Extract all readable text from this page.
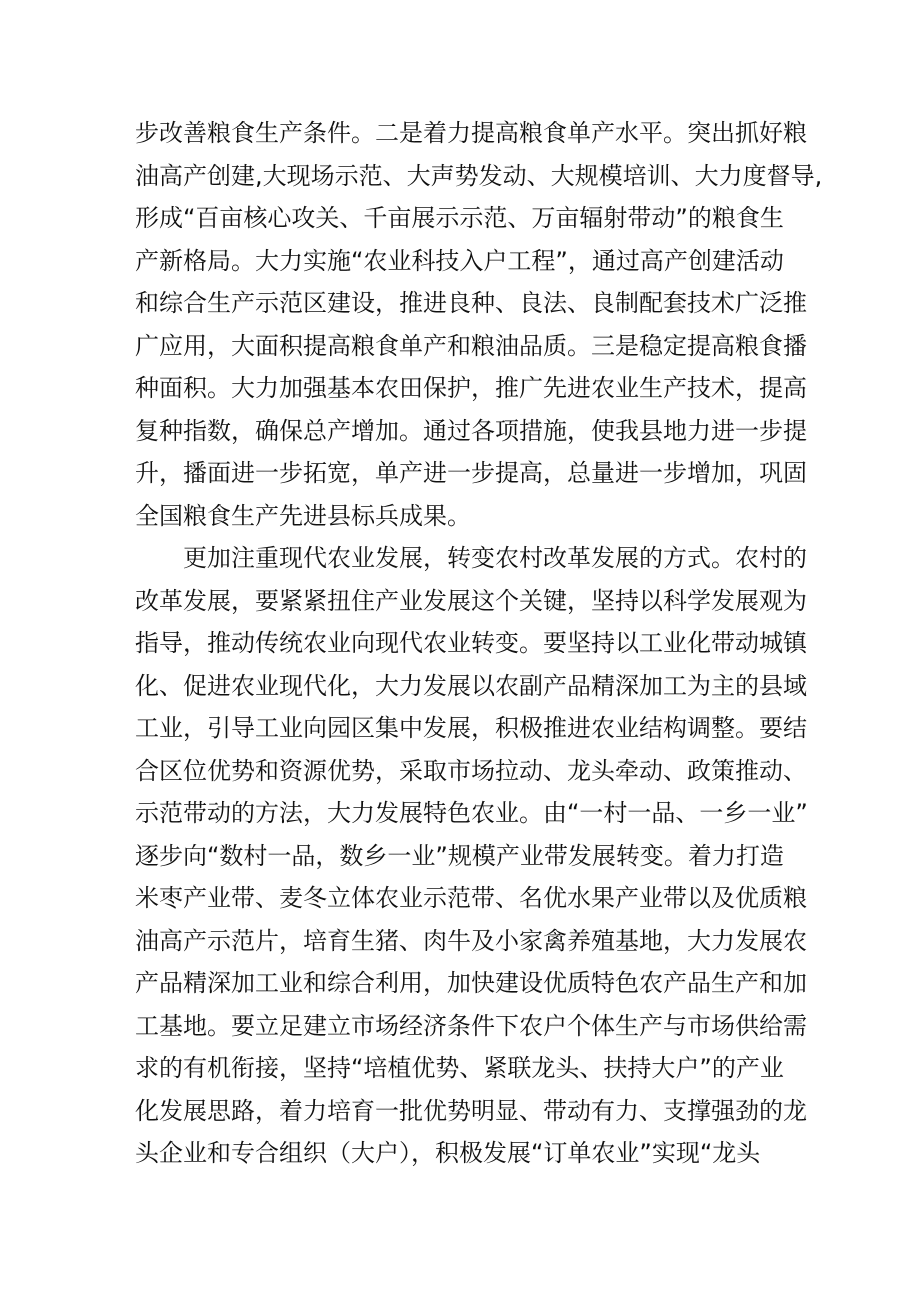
步改善粮食生产条件。二是着力提高粮食单产水平。突出抓好粮
油高产创建,大现场示范、大声势发动、大规模培训、大力度督导,
形成“百亩核心攻关、千亩展示示范、万亩辐射带动”的粮食生
产新格局。大力实施“农业科技入户工程”，通过高产创建活动
和综合生产示范区建设，推进良种、良法、良制配套技术广泛推
广应用，大面积提高粮食单产和粮油品质。三是稳定提高粮食播
种面积。大力加强基本农田保护，推广先进农业生产技术，提高
复种指数，确保总产增加。通过各项措施，使我县地力进一步提
升，播面进一步拓宽，单产进一步提高，总量进一步增加，巩固
全国粮食生产先进县标兵成果。
更加注重现代农业发展，转变农村改革发展的方式。农村的
改革发展，要紧紧扭住产业发展这个关键，坚持以科学发展观为
指导，推动传统农业向现代农业转变。要坚持以工业化带动城镇
化、促进农业现代化，大力发展以农副产品精深加工为主的县域
工业，引导工业向园区集中发展，积极推进农业结构调整。要结
合区位优势和资源优势，采取市场拉动、龙头牵动、政策推动、
示范带动的方法，大力发展特色农业。由“一村一品、一乡一业”
逐步向“数村一品，数乡一业”规模产业带发展转变。着力打造
米枣产业带、麦冬立体农业示范带、名优水果产业带以及优质粮
油高产示范片，培育生猪、肉牛及小家禽养殖基地，大力发展农
产品精深加工业和综合利用，加快建设优质特色农产品生产和加
工基地。要立足建立市场经济条件下农户个体生产与市场供给需
求的有机衔接，坚持“培植优势、紧联龙头、扶持大户”的产业
化发展思路，着力培育一批优势明显、带动有力、支撑强劲的龙
头企业和专合组织（大户），积极发展“订单农业”实现“龙头
